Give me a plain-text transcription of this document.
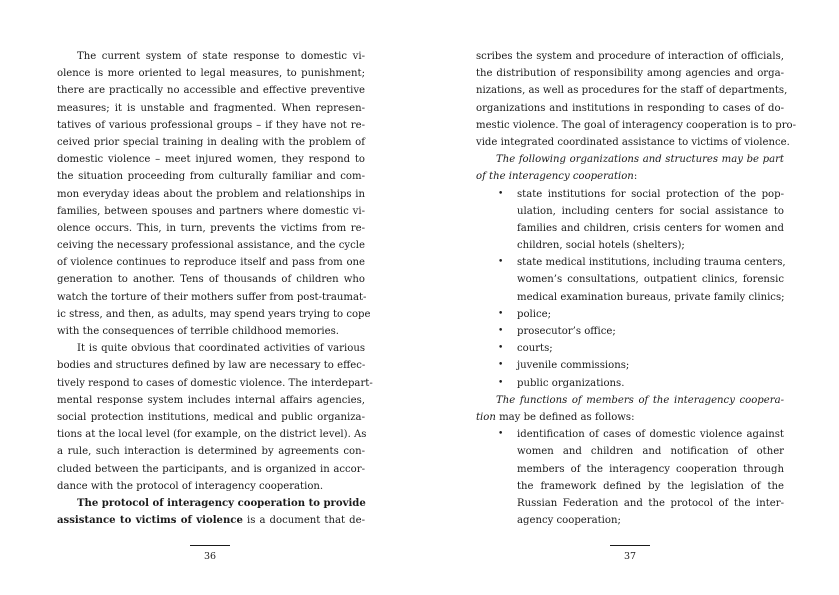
The current system of state response to domestic vi-
olence is more oriented to legal measures, to punishment;
there are practically no accessible and effective preventive
measures; it is unstable and fragmented. When represen-
tatives of various professional groups – if they have not re-
ceived prior special training in dealing with the problem of
domestic violence – meet injured women, they respond to
the situation proceeding from culturally familiar and com-
mon everyday ideas about the problem and relationships in
families, between spouses and partners where domestic vi-
olence occurs. This, in turn, prevents the victims from re-
ceiving the necessary professional assistance, and the cycle
of violence continues to reproduce itself and pass from one
generation to another. Tens of thousands of children who
watch the torture of their mothers suffer from post-traumat-
ic stress, and then, as adults, may spend years trying to cope
with the consequences of terrible childhood memories.
It is quite obvious that coordinated activities of various
bodies and structures defined by law are necessary to effec-
tively respond to cases of domestic violence. The interdepart-
mental response system includes internal affairs agencies,
social protection institutions, medical and public organiza-
tions at the local level (for example, on the district level). As
a rule, such interaction is determined by agreements con-
cluded between the participants, and is organized in accor-
dance with the protocol of interagency cooperation.
The protocol of interagency cooperation to provide
assistance to victims of violence is a document that de-
36
scribes the system and procedure of interaction of officials,
the distribution of responsibility among agencies and orga-
nizations, as well as procedures for the staff of departments,
organizations and institutions in responding to cases of do-
mestic violence. The goal of interagency cooperation is to pro-
vide integrated coordinated assistance to victims of violence.
The following organizations and structures may be part
of the interagency cooperation:
• state institutions for social protection of the pop-
ulation, including centers for social assistance to
families and children, crisis centers for women and
children, social hotels (shelters);
• state medical institutions, including trauma centers,
women’s consultations, outpatient clinics, forensic
medical examination bureaus, private family clinics;
• police;
• prosecutor’s office;
• courts;
• juvenile commissions;
• public organizations.
The functions of members of the interagency coopera-
tion may be defined as follows:
• identification of cases of domestic violence against
women and children and notification of other
members of the interagency cooperation through
the framework defined by the legislation of the
Russian Federation and the protocol of the inter-
agency cooperation;
37
